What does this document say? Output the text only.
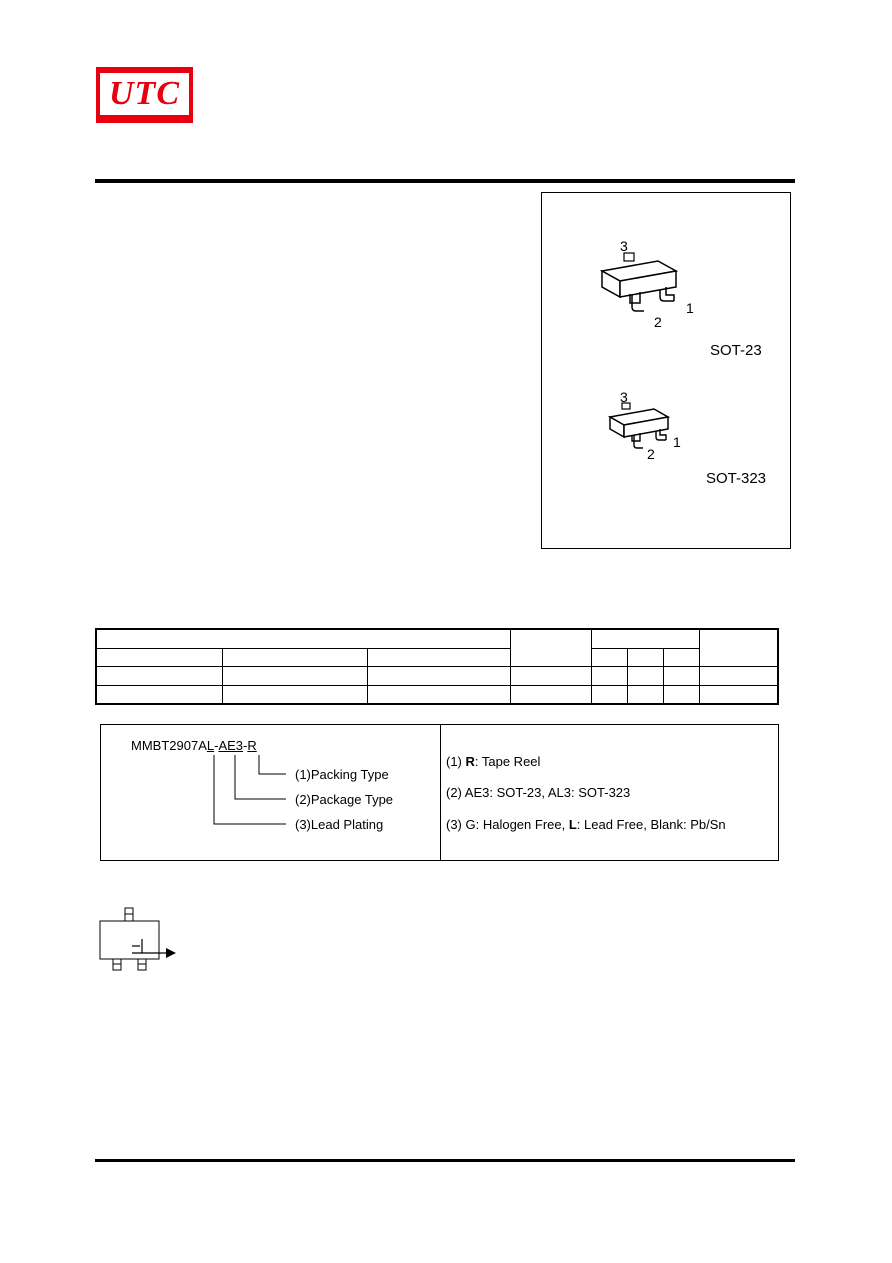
UTC
3
2
1
SOT-23
3
2
1
SOT-323

MMBT2907AL-AE3-R
(1)Packing Type
(2)Package Type
(3)Lead Plating
(1) R: Tape Reel
(2) AE3: SOT-23, AL3: SOT-323
(3) G: Halogen Free, L: Lead Free, Blank: Pb/Sn
